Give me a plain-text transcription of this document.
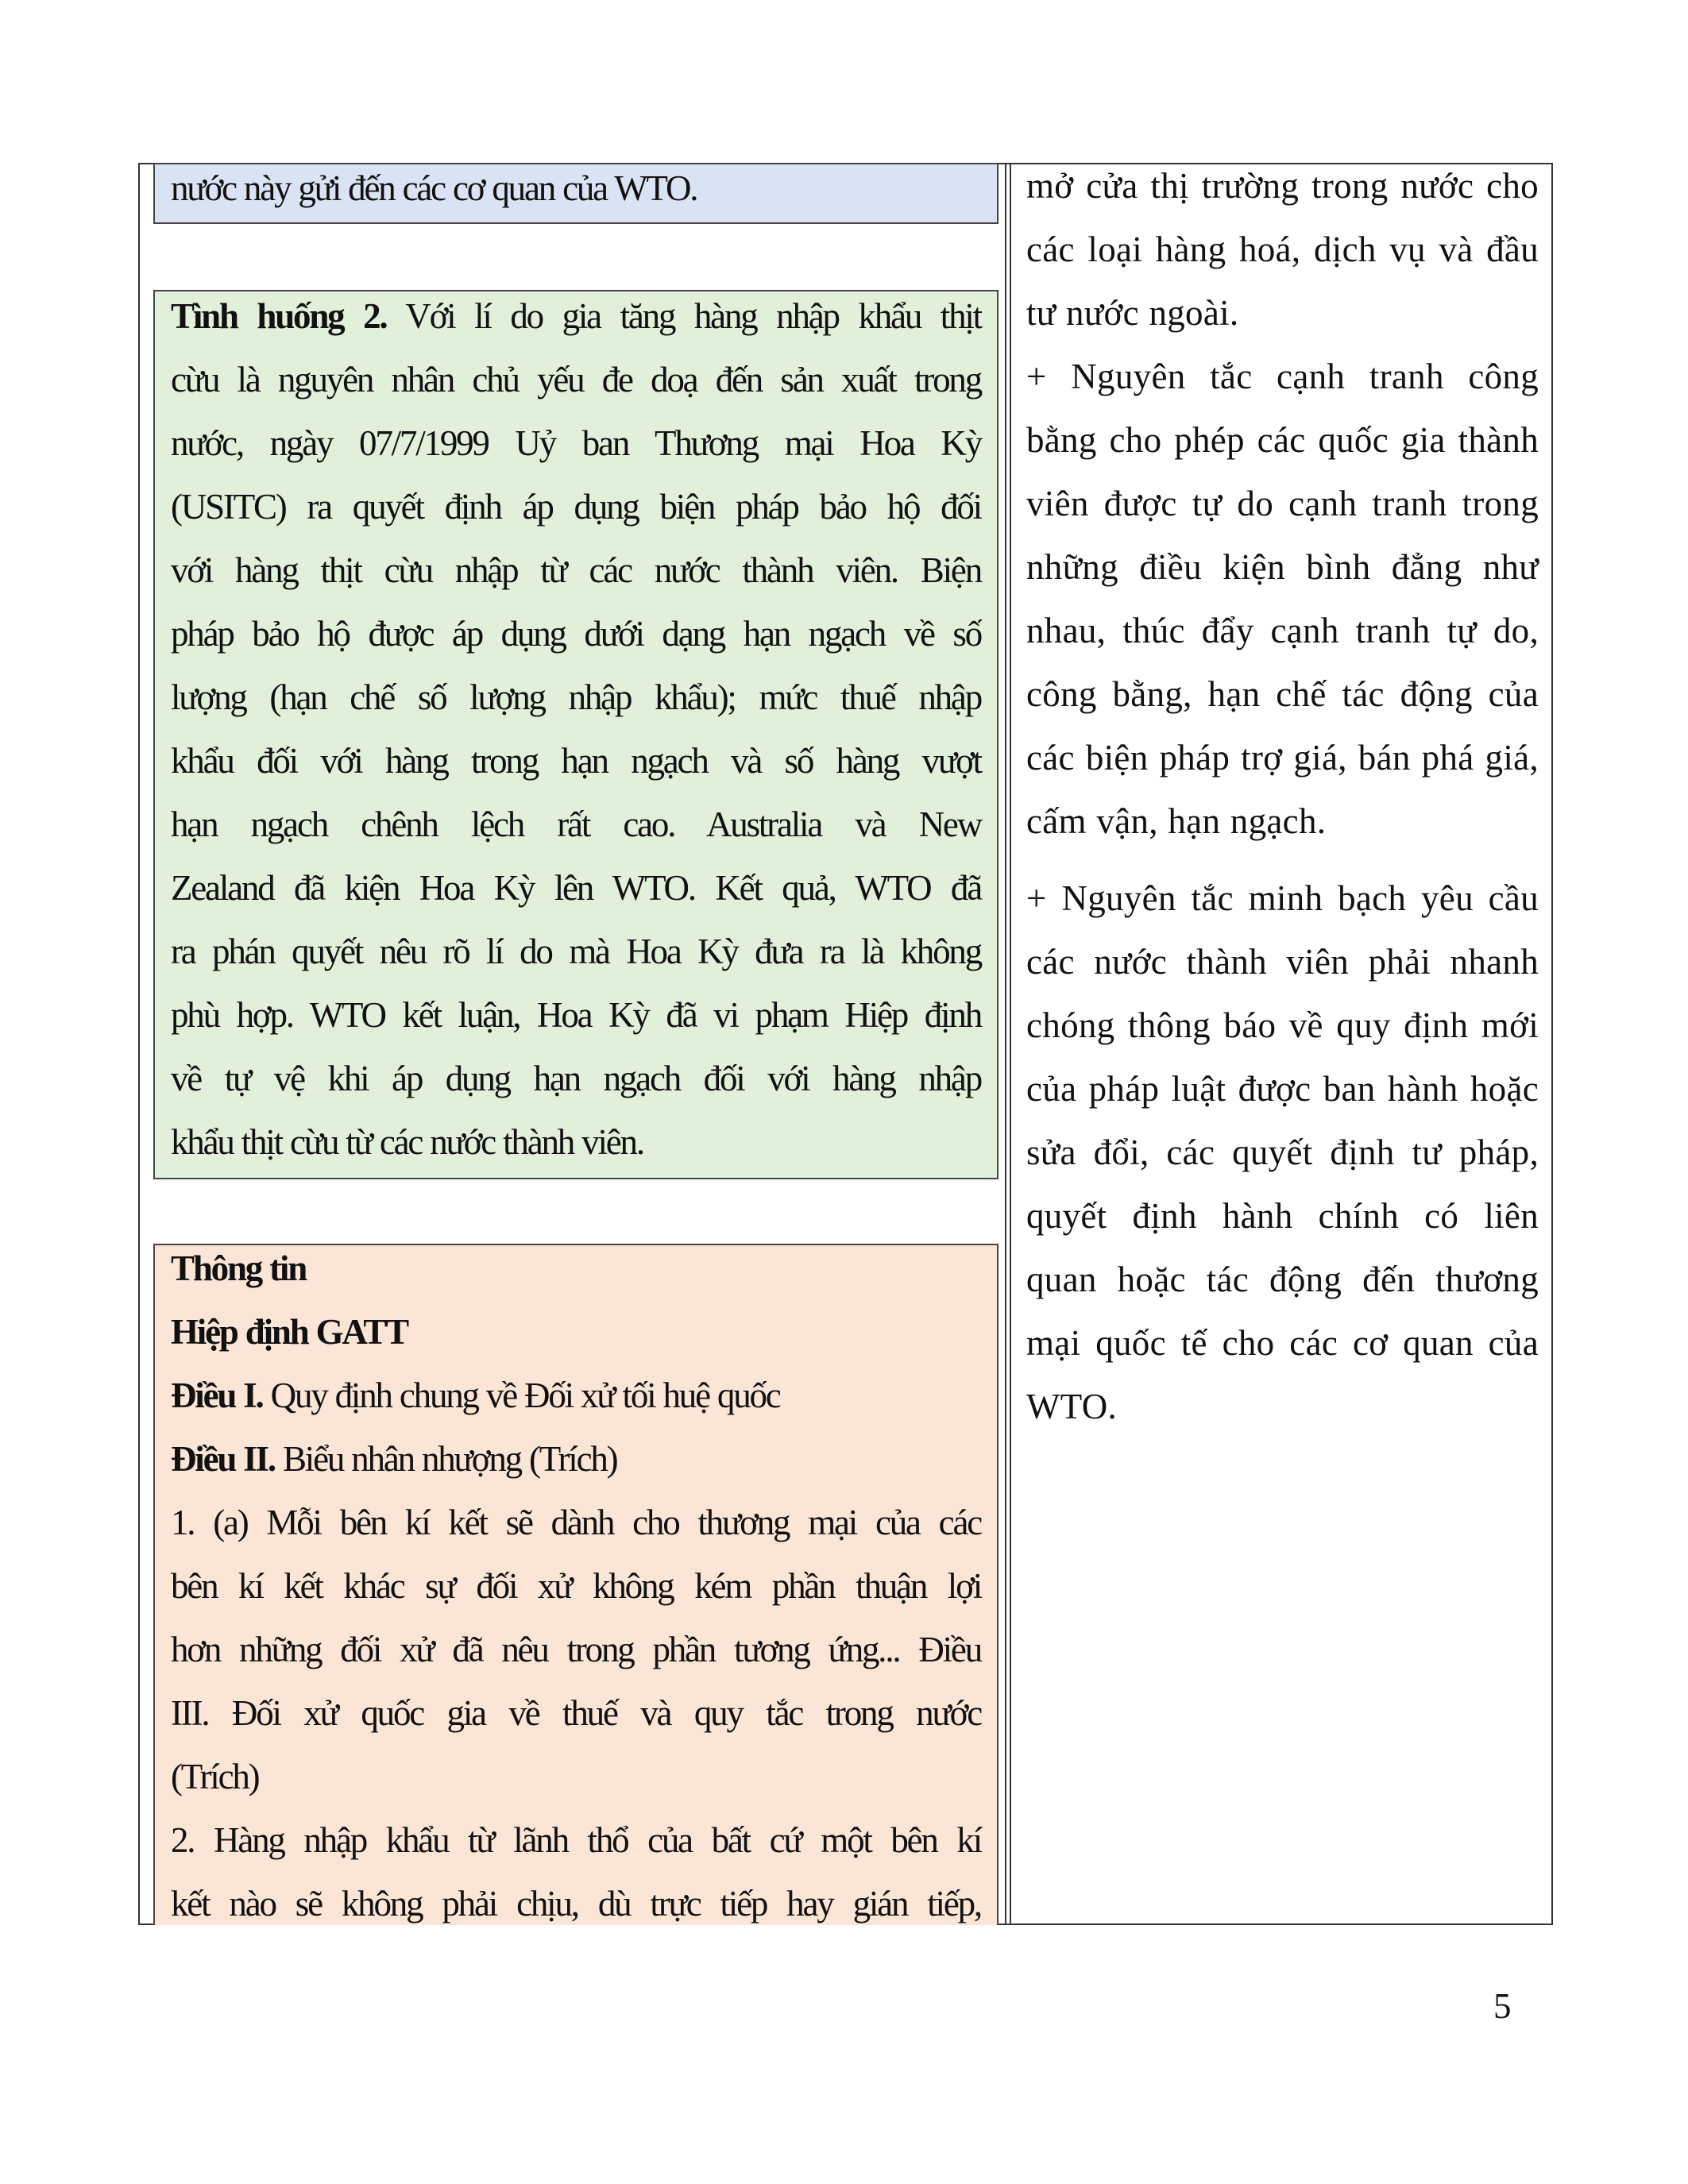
nước này gửi đến các cơ quan của WTO.
Tình huống 2. Với lí do gia tăng hàng nhập khẩu thịt
cừu là nguyên nhân chủ yếu đe doạ đến sản xuất trong
nước, ngày 07/7/1999 Uỷ ban Thương mại Hoa Kỳ
(USITC) ra quyết định áp dụng biện pháp bảo hộ đối
với hàng thịt cừu nhập từ các nước thành viên. Biện
pháp bảo hộ được áp dụng dưới dạng hạn ngạch về số
lượng (hạn chế số lượng nhập khẩu); mức thuế nhập
khẩu đối với hàng trong hạn ngạch và số hàng vượt
hạn ngạch chênh lệch rất cao. Australia và New
Zealand đã kiện Hoa Kỳ lên WTO. Kết quả, WTO đã
ra phán quyết nêu rõ lí do mà Hoa Kỳ đưa ra là không
phù hợp. WTO kết luận, Hoa Kỳ đã vi phạm Hiệp định
về tự vệ khi áp dụng hạn ngạch đối với hàng nhập
khẩu thịt cừu từ các nước thành viên.
Thông tin
Hiệp định GATT
Điều I. Quy định chung về Đối xử tối huệ quốc
Điều II. Biểu nhân nhượng (Trích)
1. (a) Mỗi bên kí kết sẽ dành cho thương mại của các
bên kí kết khác sự đối xử không kém phần thuận lợi
hơn những đối xử đã nêu trong phần tương ứng... Điều
III. Đối xử quốc gia về thuế và quy tắc trong nước
(Trích)
2. Hàng nhập khẩu từ lãnh thổ của bất cứ một bên kí
kết nào sẽ không phải chịu, dù trực tiếp hay gián tiếp,
mở cửa thị trường trong nước cho
các loại hàng hoá, dịch vụ và đầu
tư nước ngoài.
+ Nguyên tắc cạnh tranh công
bằng cho phép các quốc gia thành
viên được tự do cạnh tranh trong
những điều kiện bình đẳng như
nhau, thúc đẩy cạnh tranh tự do,
công bằng, hạn chế tác động của
các biện pháp trợ giá, bán phá giá,
cấm vận, hạn ngạch.
+ Nguyên tắc minh bạch yêu cầu
các nước thành viên phải nhanh
chóng thông báo về quy định mới
của pháp luật được ban hành hoặc
sửa đổi, các quyết định tư pháp,
quyết định hành chính có liên
quan hoặc tác động đến thương
mại quốc tế cho các cơ quan của
WTO.
5
